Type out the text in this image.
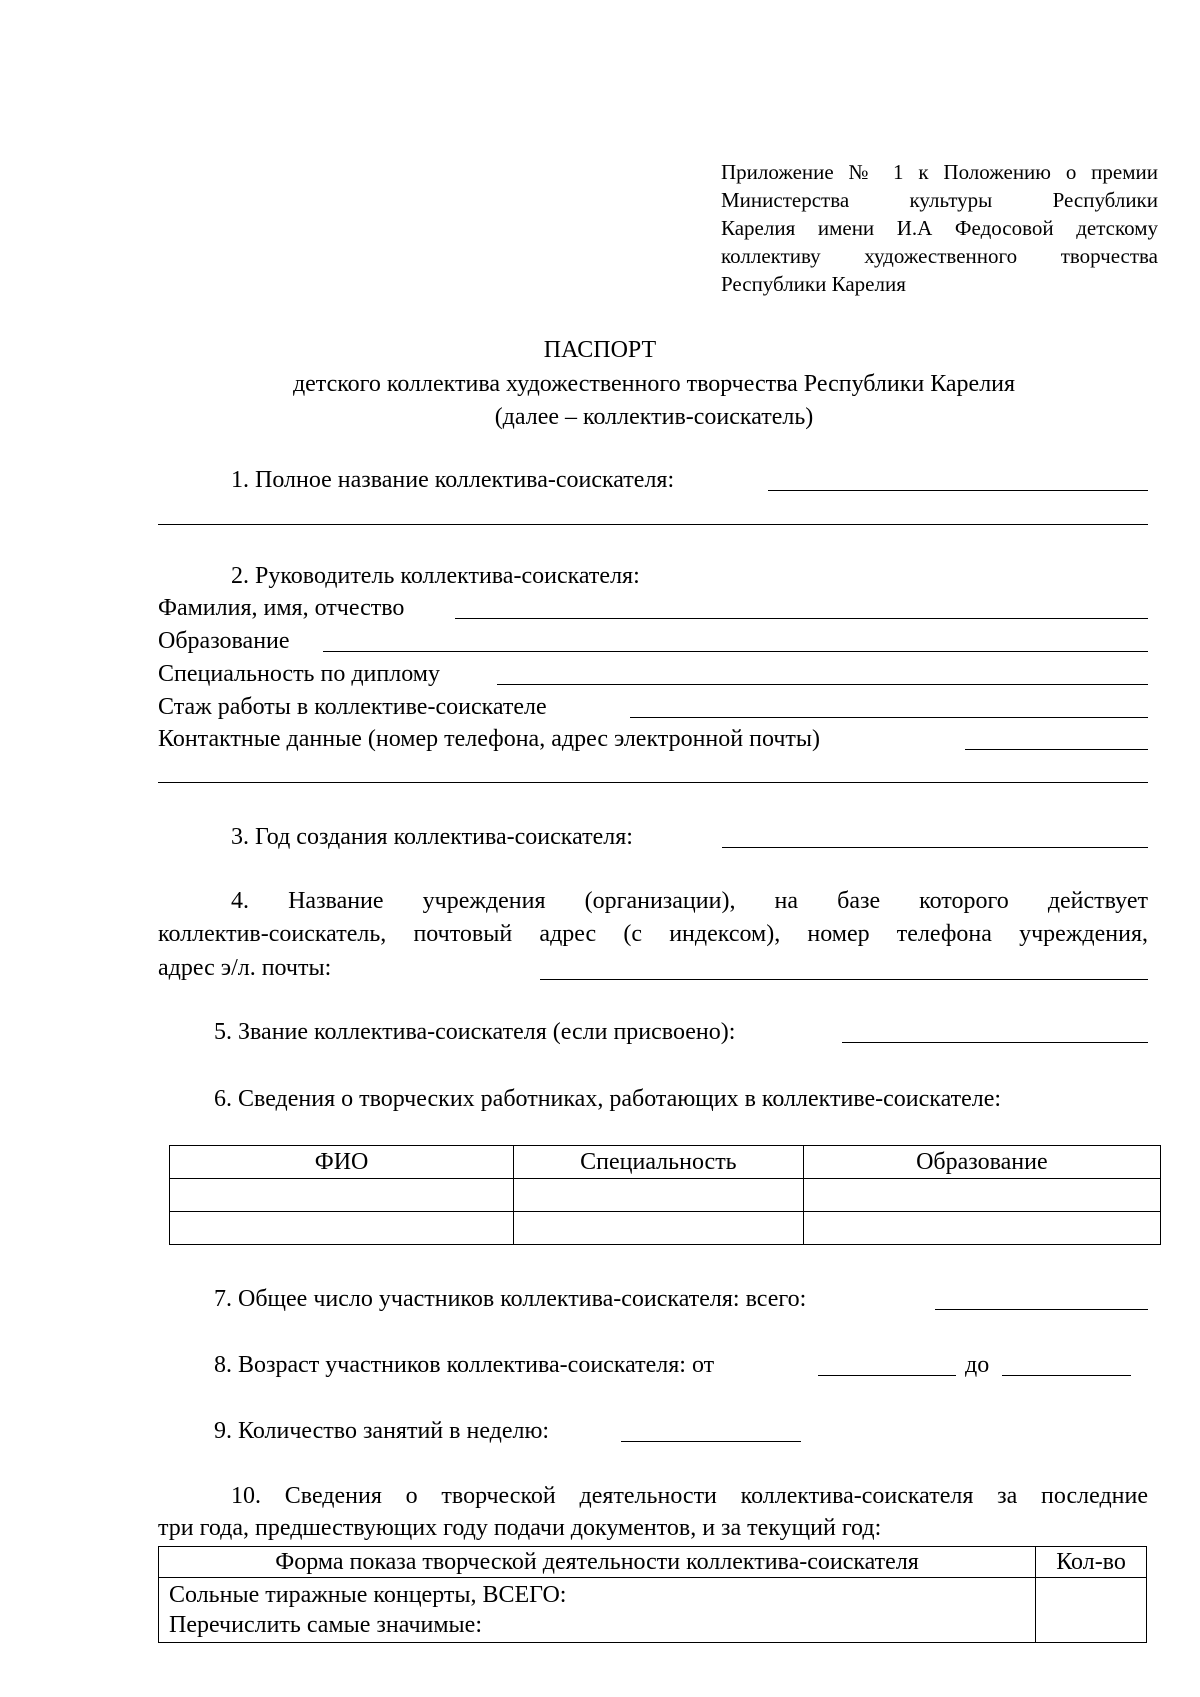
Приложение № 1 к Положению о премии
Министерства культуры Республики
Карелия имени И.А Федосовой детскому
коллективу художественного творчества
Республики Карелия
ПАСПОРТ
детского коллектива художественного творчества Республики Карелия
(далее – коллектив-соискатель)
1. Полное название коллектива-соискателя:
2. Руководитель коллектива-соискателя:
Фамилия, имя, отчество
Образование
Специальность по диплому
Стаж работы в коллективе-соискателе
Контактные данные (номер телефона, адрес электронной почты)
3. Год создания коллектива-соискателя:
4. Название учреждения (организации), на базе которого действует
коллектив-соискатель, почтовый адрес (с индексом), номер телефона учреждения,
адрес э/л. почты:
5. Звание коллектива-соискателя (если присвоено):
6. Сведения о творческих работниках, работающих в коллективе-соискателе:
ФИО	Специальность	Образование

7. Общее число участников коллектива-соискателя: всего:
8. Возраст участников коллектива-соискателя: от	до
9. Количество занятий в неделю:
10. Сведения о творческой деятельности коллектива-соискателя за последние
три года, предшествующих году подачи документов, и за текущий год:
Форма показа творческой деятельности коллектива-соискателя	Кол-во

Сольные тиражные концерты, ВСЕГО:
Перечислить самые значимые:	
